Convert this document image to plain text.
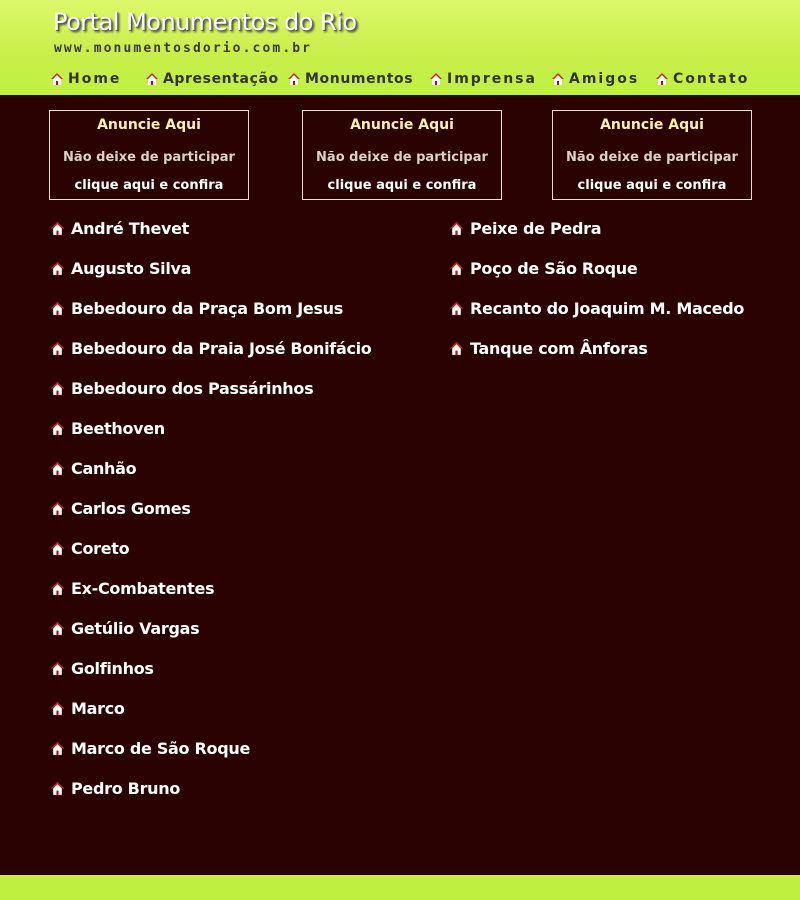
Portal Monumentos do Rio
www.monumentosdorio.com.br
Home	Apresentação Monumentos Imprensa Amigos Contato
Anuncie Aqui
Não deixe de participar
clique aqui e confira
Anuncie Aqui
Não deixe de participar
clique aqui e confira
Anuncie Aqui
Não deixe de participar
clique aqui e confira
André Thevet
Augusto Silva
Bebedouro da Praça Bom Jesus
Bebedouro da Praia José Bonifácio
Bebedouro dos Passárinhos
Beethoven
Canhão
Carlos Gomes
Coreto
Ex-Combatentes
Getúlio Vargas
Golfinhos
Marco
Marco de São Roque
Pedro Bruno
Peixe de Pedra
Poço de São Roque
Recanto do Joaquim M. Macedo
Tanque com Ânforas
